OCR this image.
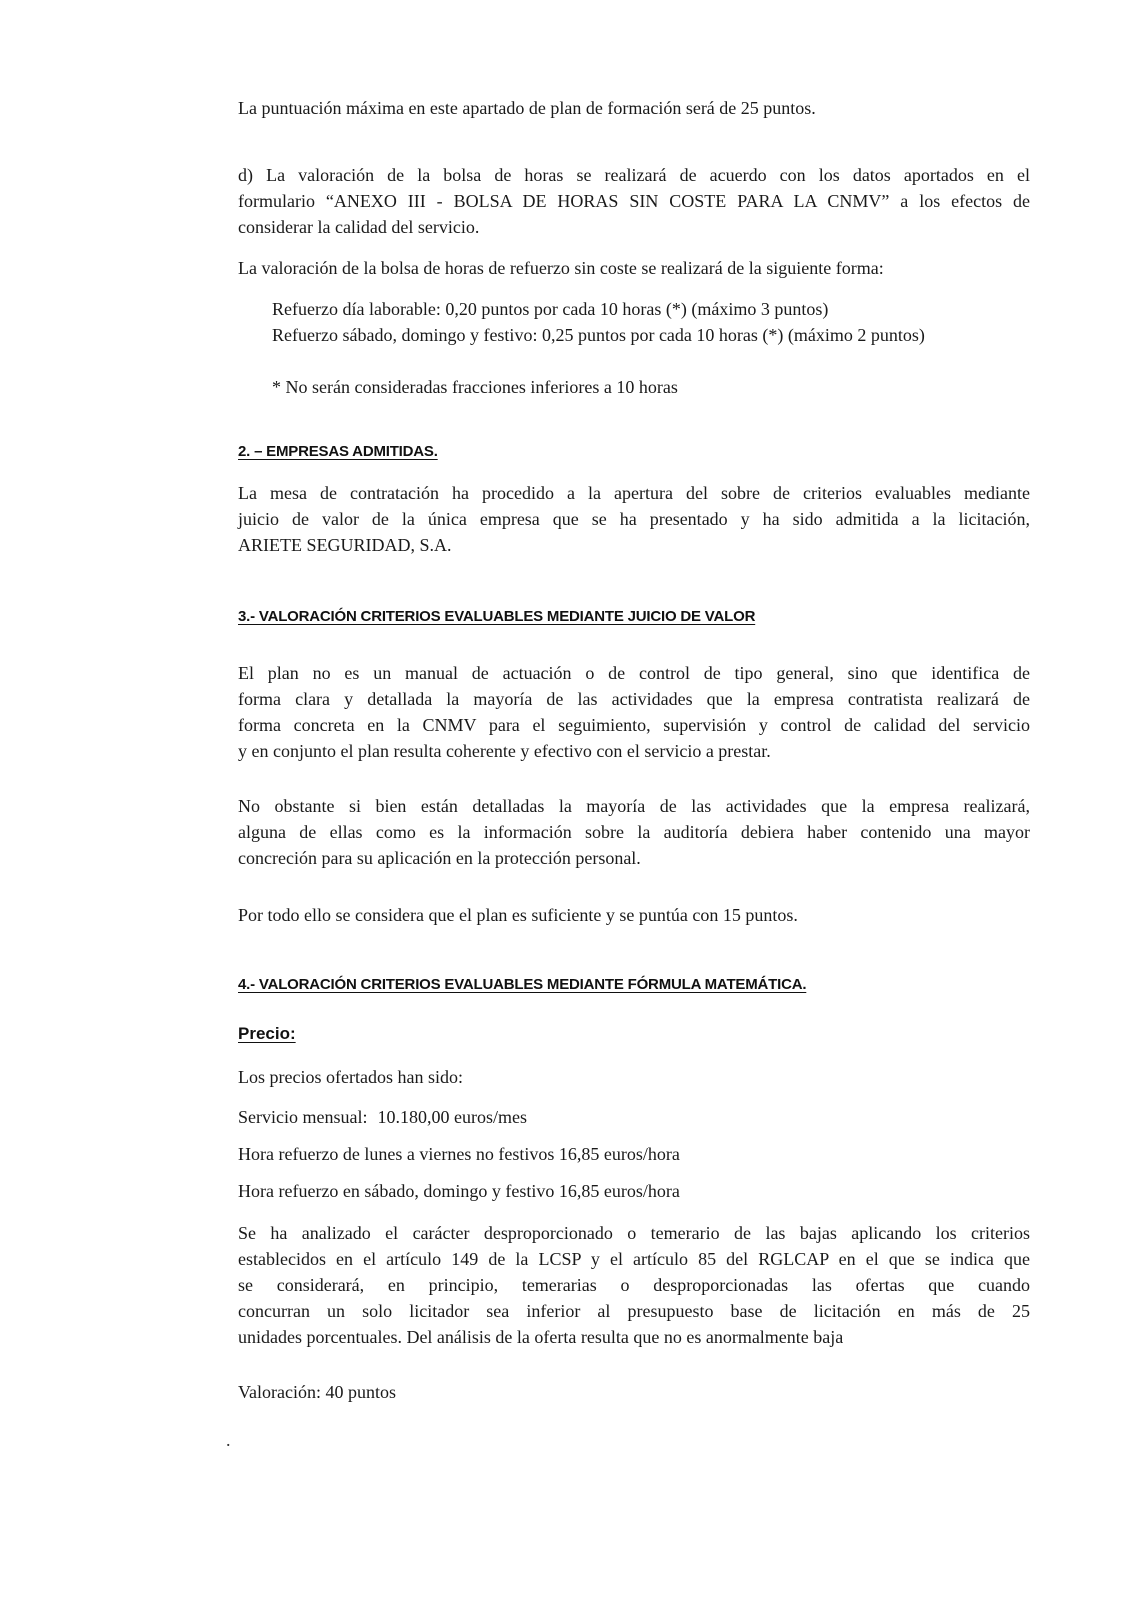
La puntuación máxima en este apartado de plan de formación será de 25 puntos.
d) La valoración de la bolsa de horas se realizará de acuerdo con los datos aportados en el
formulario “ANEXO III - BOLSA DE HORAS SIN COSTE PARA LA CNMV” a los efectos de
considerar la calidad del servicio.
La valoración de la bolsa de horas de refuerzo sin coste se realizará de la siguiente forma:
Refuerzo día laborable: 0,20 puntos por cada 10 horas (*) (máximo 3 puntos)
Refuerzo sábado, domingo y festivo: 0,25 puntos por cada 10 horas (*) (máximo 2 puntos)
* No serán consideradas fracciones inferiores a 10 horas
2. – EMPRESAS ADMITIDAS.
La mesa de contratación ha procedido a la apertura del sobre de criterios evaluables mediante
juicio de valor de la única empresa que se ha presentado y ha sido admitida a la licitación,
ARIETE SEGURIDAD, S.A.
3.- VALORACIÓN CRITERIOS EVALUABLES MEDIANTE JUICIO DE VALOR
El plan no es un manual de actuación o de control de tipo general, sino que identifica de
forma clara y detallada la mayoría de las actividades que la empresa contratista realizará de
forma concreta en la CNMV para el seguimiento, supervisión y control de calidad del servicio
y en conjunto el plan resulta coherente y efectivo con el servicio a prestar.
No obstante si bien están detalladas la mayoría de las actividades que la empresa realizará,
alguna de ellas como es la información sobre la auditoría debiera haber contenido una mayor
concreción para su aplicación en la protección personal.
Por todo ello se considera que el plan es suficiente y se puntúa con 15 puntos.
4.- VALORACIÓN CRITERIOS EVALUABLES MEDIANTE FÓRMULA MATEMÁTICA.
Precio:
Los precios ofertados han sido:
Servicio mensual: 10.180,00 euros/mes
Hora refuerzo de lunes a viernes no festivos 16,85 euros/hora
Hora refuerzo en sábado, domingo y festivo 16,85 euros/hora
Se ha analizado el carácter desproporcionado o temerario de las bajas aplicando los criterios
establecidos en el artículo 149 de la LCSP y el artículo 85 del RGLCAP en el que se indica que
se considerará, en principio, temerarias o desproporcionadas las ofertas que cuando
concurran un solo licitador sea inferior al presupuesto base de licitación en más de 25
unidades porcentuales. Del análisis de la oferta resulta que no es anormalmente baja
Valoración: 40 puntos
.
